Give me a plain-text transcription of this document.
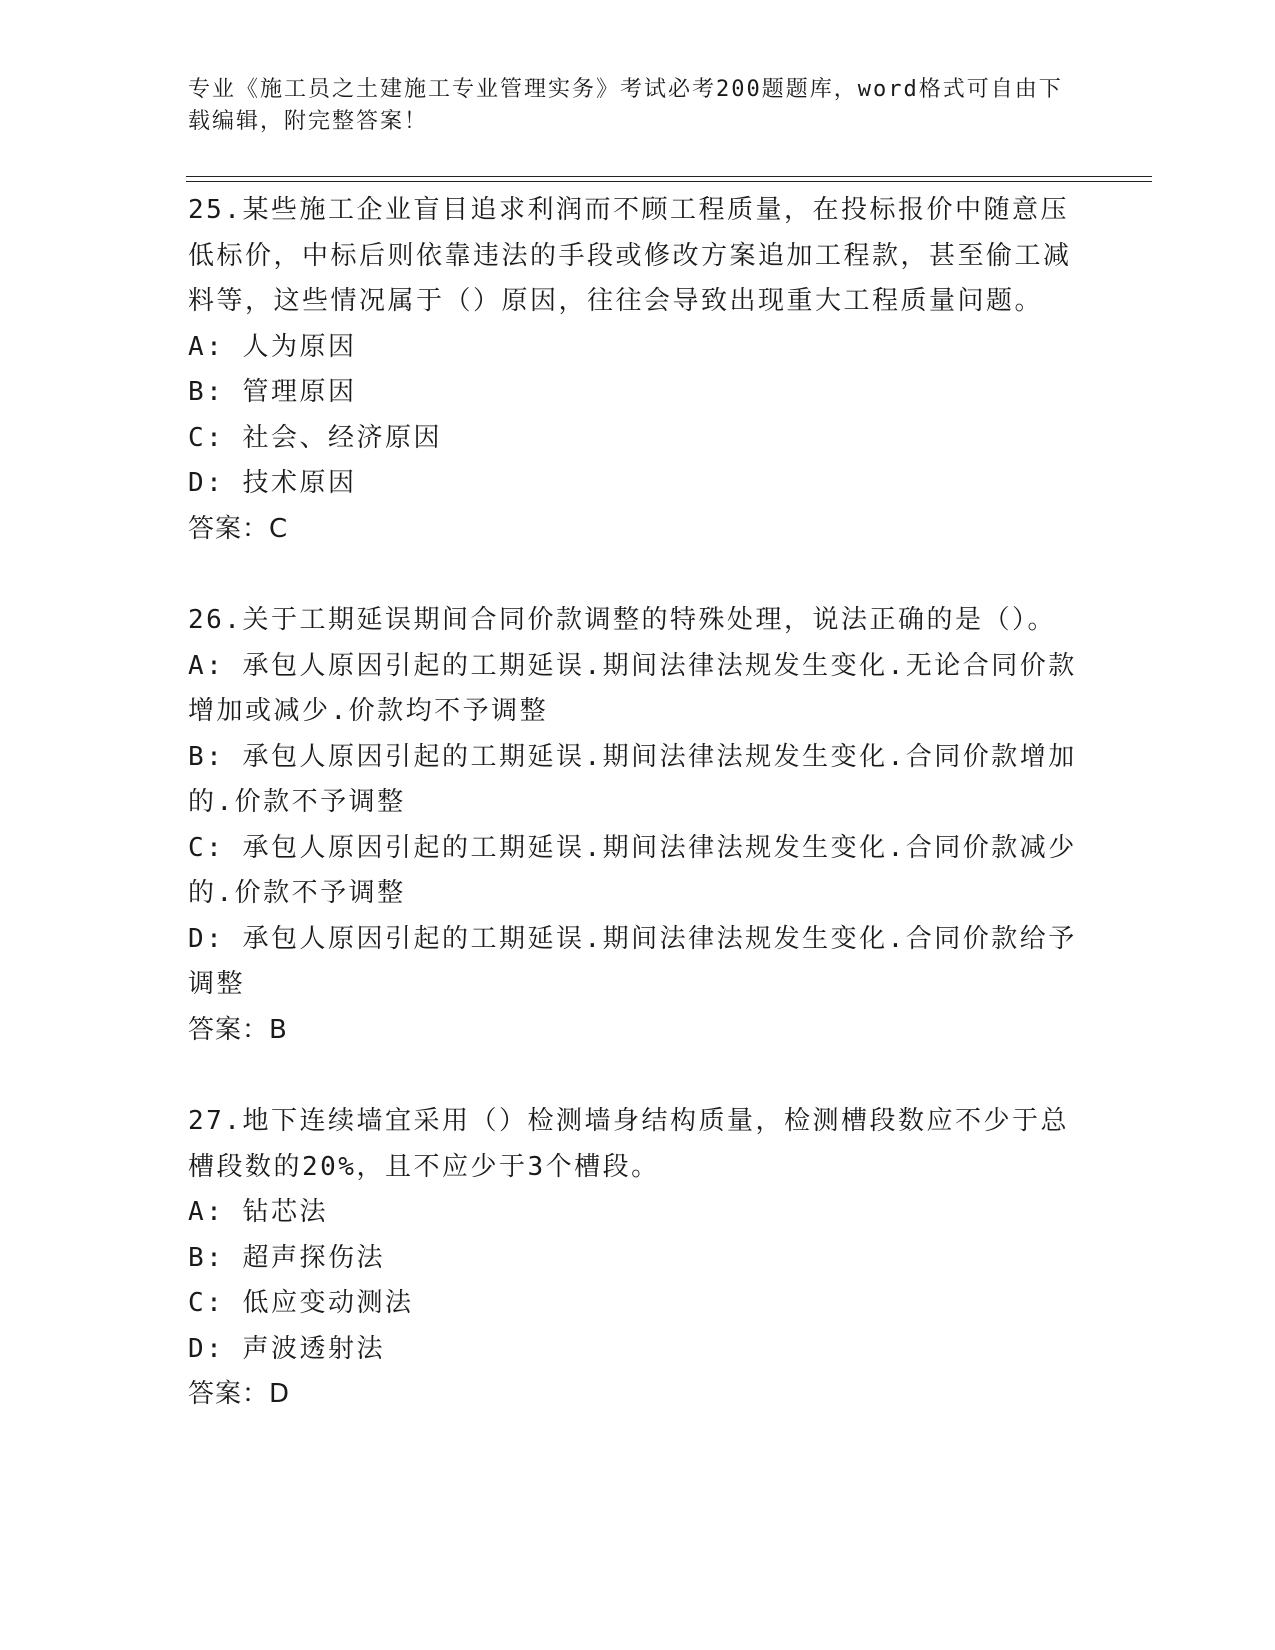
专业《施工员之土建施工专业管理实务》考试必考200题题库，word格式可自由下载编辑，附完整答案！

25.某些施工企业盲目追求利润而不顾工程质量，在投标报价中随意压低标价，中标后则依靠违法的手段或修改方案追加工程款，甚至偷工减料等，这些情况属于（）原因，往往会导致出现重大工程质量问题。

A: 人为原因

B: 管理原因

C: 社会、经济原因

D: 技术原因

答案：C

26.关于工期延误期间合同价款调整的特殊处理，说法正确的是（）。

A: 承包人原因引起的工期延误.期间法律法规发生变化.无论合同价款增加或减少.价款均不予调整

B: 承包人原因引起的工期延误.期间法律法规发生变化.合同价款增加的.价款不予调整

C: 承包人原因引起的工期延误.期间法律法规发生变化.合同价款减少的.价款不予调整

D: 承包人原因引起的工期延误.期间法律法规发生变化.合同价款给予调整

答案：B

27.地下连续墙宜采用（）检测墙身结构质量，检测槽段数应不少于总槽段数的20%，且不应少于3个槽段。

A: 钻芯法

B: 超声探伤法

C: 低应变动测法

D: 声波透射法

答案：D
